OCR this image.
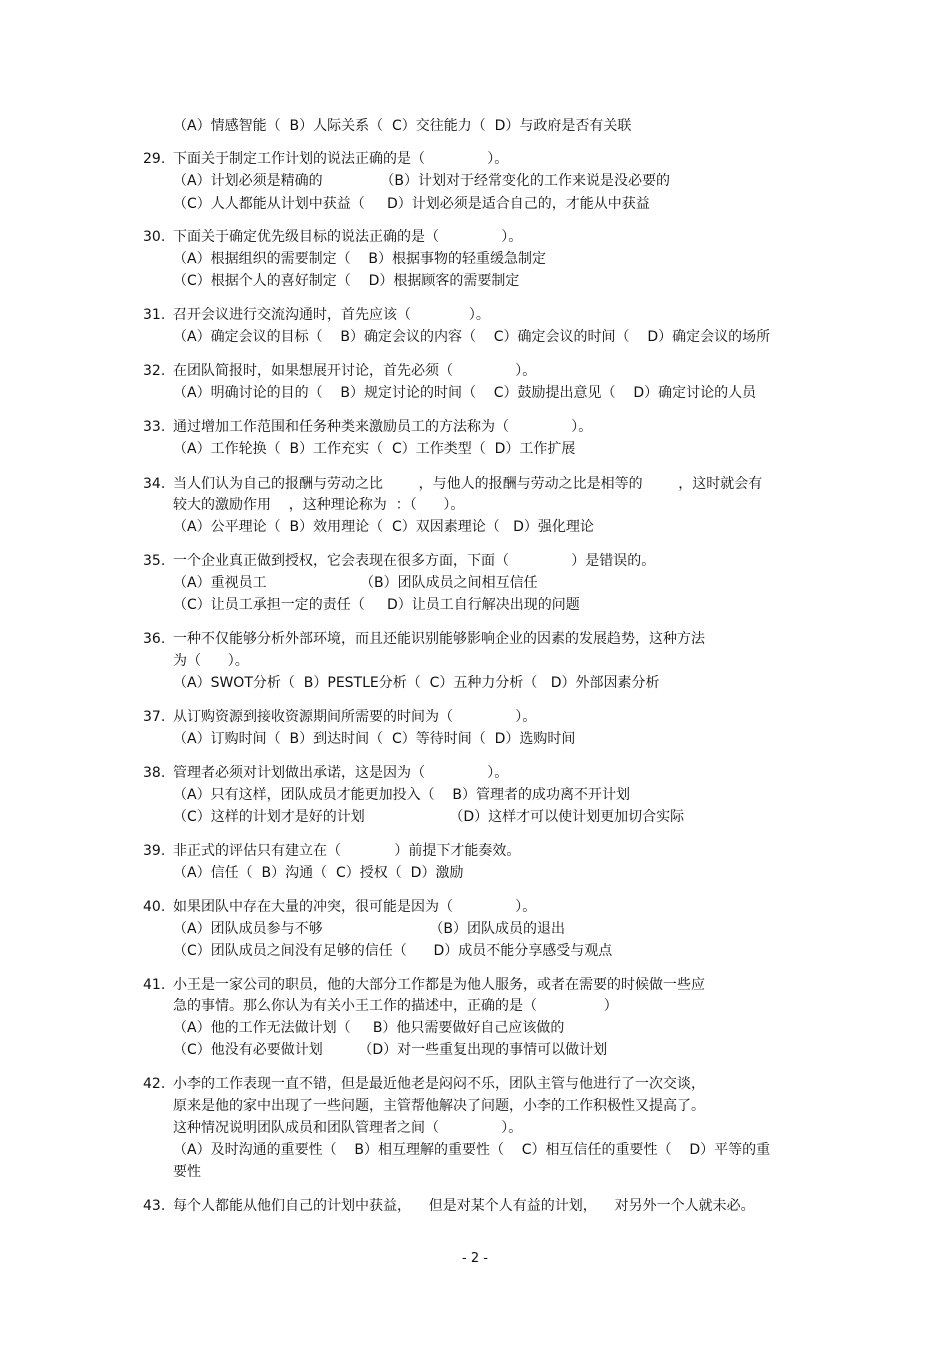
（A）情感智能（  B）人际关系（  C）交往能力（  D）与政府是否有关联
29. 下面关于制定工作计划的说法正确的是（              ）。
（A）计划必须是精确的             （B）计划对于经常变化的工作来说是没必要的
（C）人人都能从计划中获益（     D）计划必须是适合自己的，才能从中获益
30. 下面关于确定优先级目标的说法正确的是（              ）。
（A）根据组织的需要制定（    B）根据事物的轻重缓急制定
（C）根据个人的喜好制定（    D）根据顾客的需要制定
31. 召开会议进行交流沟通时，首先应该（             ）。
（A）确定会议的目标（    B）确定会议的内容（    C）确定会议的时间（    D）确定会议的场所
32. 在团队简报时，如果想展开讨论，首先必须（              ）。
（A）明确讨论的目的（    B）规定讨论的时间（    C）鼓励提出意见（    D）确定讨论的人员
33. 通过增加工作范围和任务种类来激励员工的方法称为（              ）。
（A）工作轮换（  B）工作充实（  C）工作类型（  D）工作扩展
34. 当人们认为自己的报酬与劳动之比        ，与他人的报酬与劳动之比是相等的        ，这时就会有
较大的激励作用    ，这种理论称为  ：（      ）。
（A）公平理论（  B）效用理论（  C）双因素理论（   D）强化理论
35. 一个企业真正做到授权，它会表现在很多方面，下面（              ）是错误的。
（A）重视员工                     （B）团队成员之间相互信任
（C）让员工承担一定的责任（     D）让员工自行解决出现的问题
36. 一种不仅能够分析外部环境，而且还能识别能够影响企业的因素的发展趋势，这种方法
为（      ）。
（A）SWOT分析（  B）PESTLE分析（  C）五种力分析（   D）外部因素分析
37. 从订购资源到接收资源期间所需要的时间为（              ）。
（A）订购时间（  B）到达时间（  C）等待时间（  D）选购时间
38. 管理者必须对计划做出承诺，这是因为（              ）。
（A）只有这样，团队成员才能更加投入（    B）管理者的成功离不开计划
（C）这样的计划才是好的计划                   （D）这样才可以使计划更加切合实际
39. 非正式的评估只有建立在（            ）前提下才能奏效。
（A）信任（  B）沟通（  C）授权（  D）激励
40. 如果团队中存在大量的冲突，很可能是因为（              ）。
（A）团队成员参与不够                        （B）团队成员的退出
（C）团队成员之间没有足够的信任（      D）成员不能分享感受与观点
41. 小王是一家公司的职员，他的大部分工作都是为他人服务，或者在需要的时候做一些应
急的事情。那么你认为有关小王工作的描述中，正确的是（               ）
（A）他的工作无法做计划（     B）他只需要做好自己应该做的
（C）他没有必要做计划        （D）对一些重复出现的事情可以做计划
42. 小李的工作表现一直不错，但是最近他老是闷闷不乐，团队主管与他进行了一次交谈，
原来是他的家中出现了一些问题，主管帮他解决了问题，小李的工作积极性又提高了。
这种情况说明团队成员和团队管理者之间（              ）。
（A）及时沟通的重要性（    B）相互理解的重要性（    C）相互信任的重要性（    D）平等的重
要性
43. 每个人都能从他们自己的计划中获益，    但是对某个人有益的计划，    对另外一个人就未必。
- 2 -
